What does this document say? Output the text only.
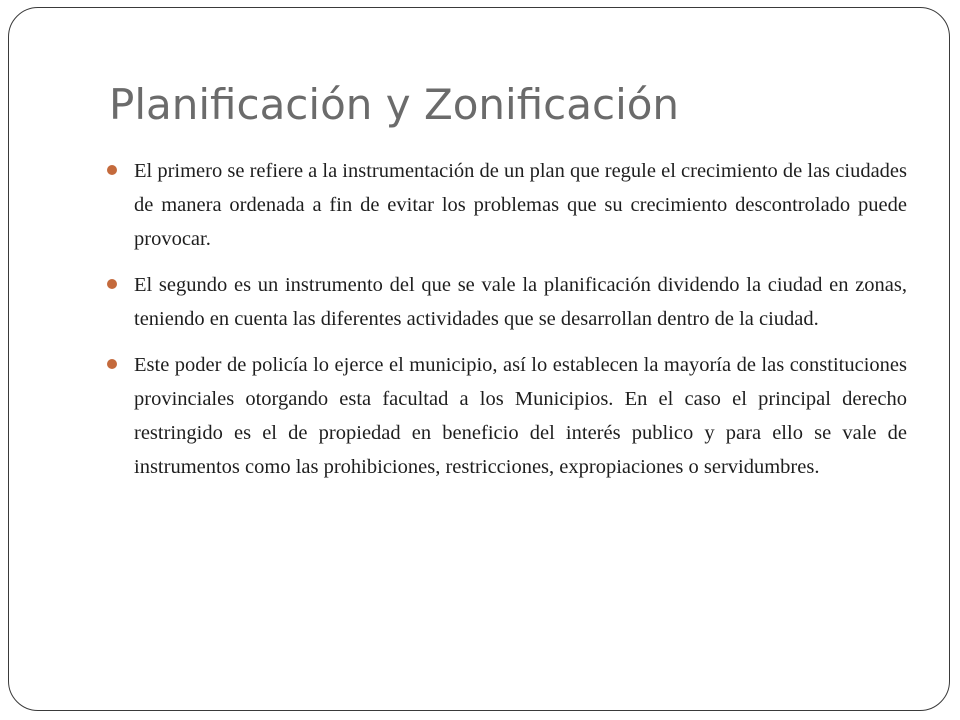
Planificación y Zonificación
El primero se refiere a la instrumentación de un plan que regule el crecimiento de las ciudades de manera ordenada a fin de evitar los problemas que su crecimiento descontrolado puede provocar.
El segundo es un instrumento del que se vale la planificación dividendo la ciudad en zonas, teniendo en cuenta las diferentes actividades que se desarrollan dentro de la ciudad.
Este poder de policía lo ejerce el municipio, así lo establecen la mayoría de las constituciones provinciales otorgando esta facultad a los Municipios. En el caso el principal derecho restringido es el de propiedad en beneficio del interés publico y para ello se vale de instrumentos como las prohibiciones, restricciones, expropiaciones o servidumbres.
